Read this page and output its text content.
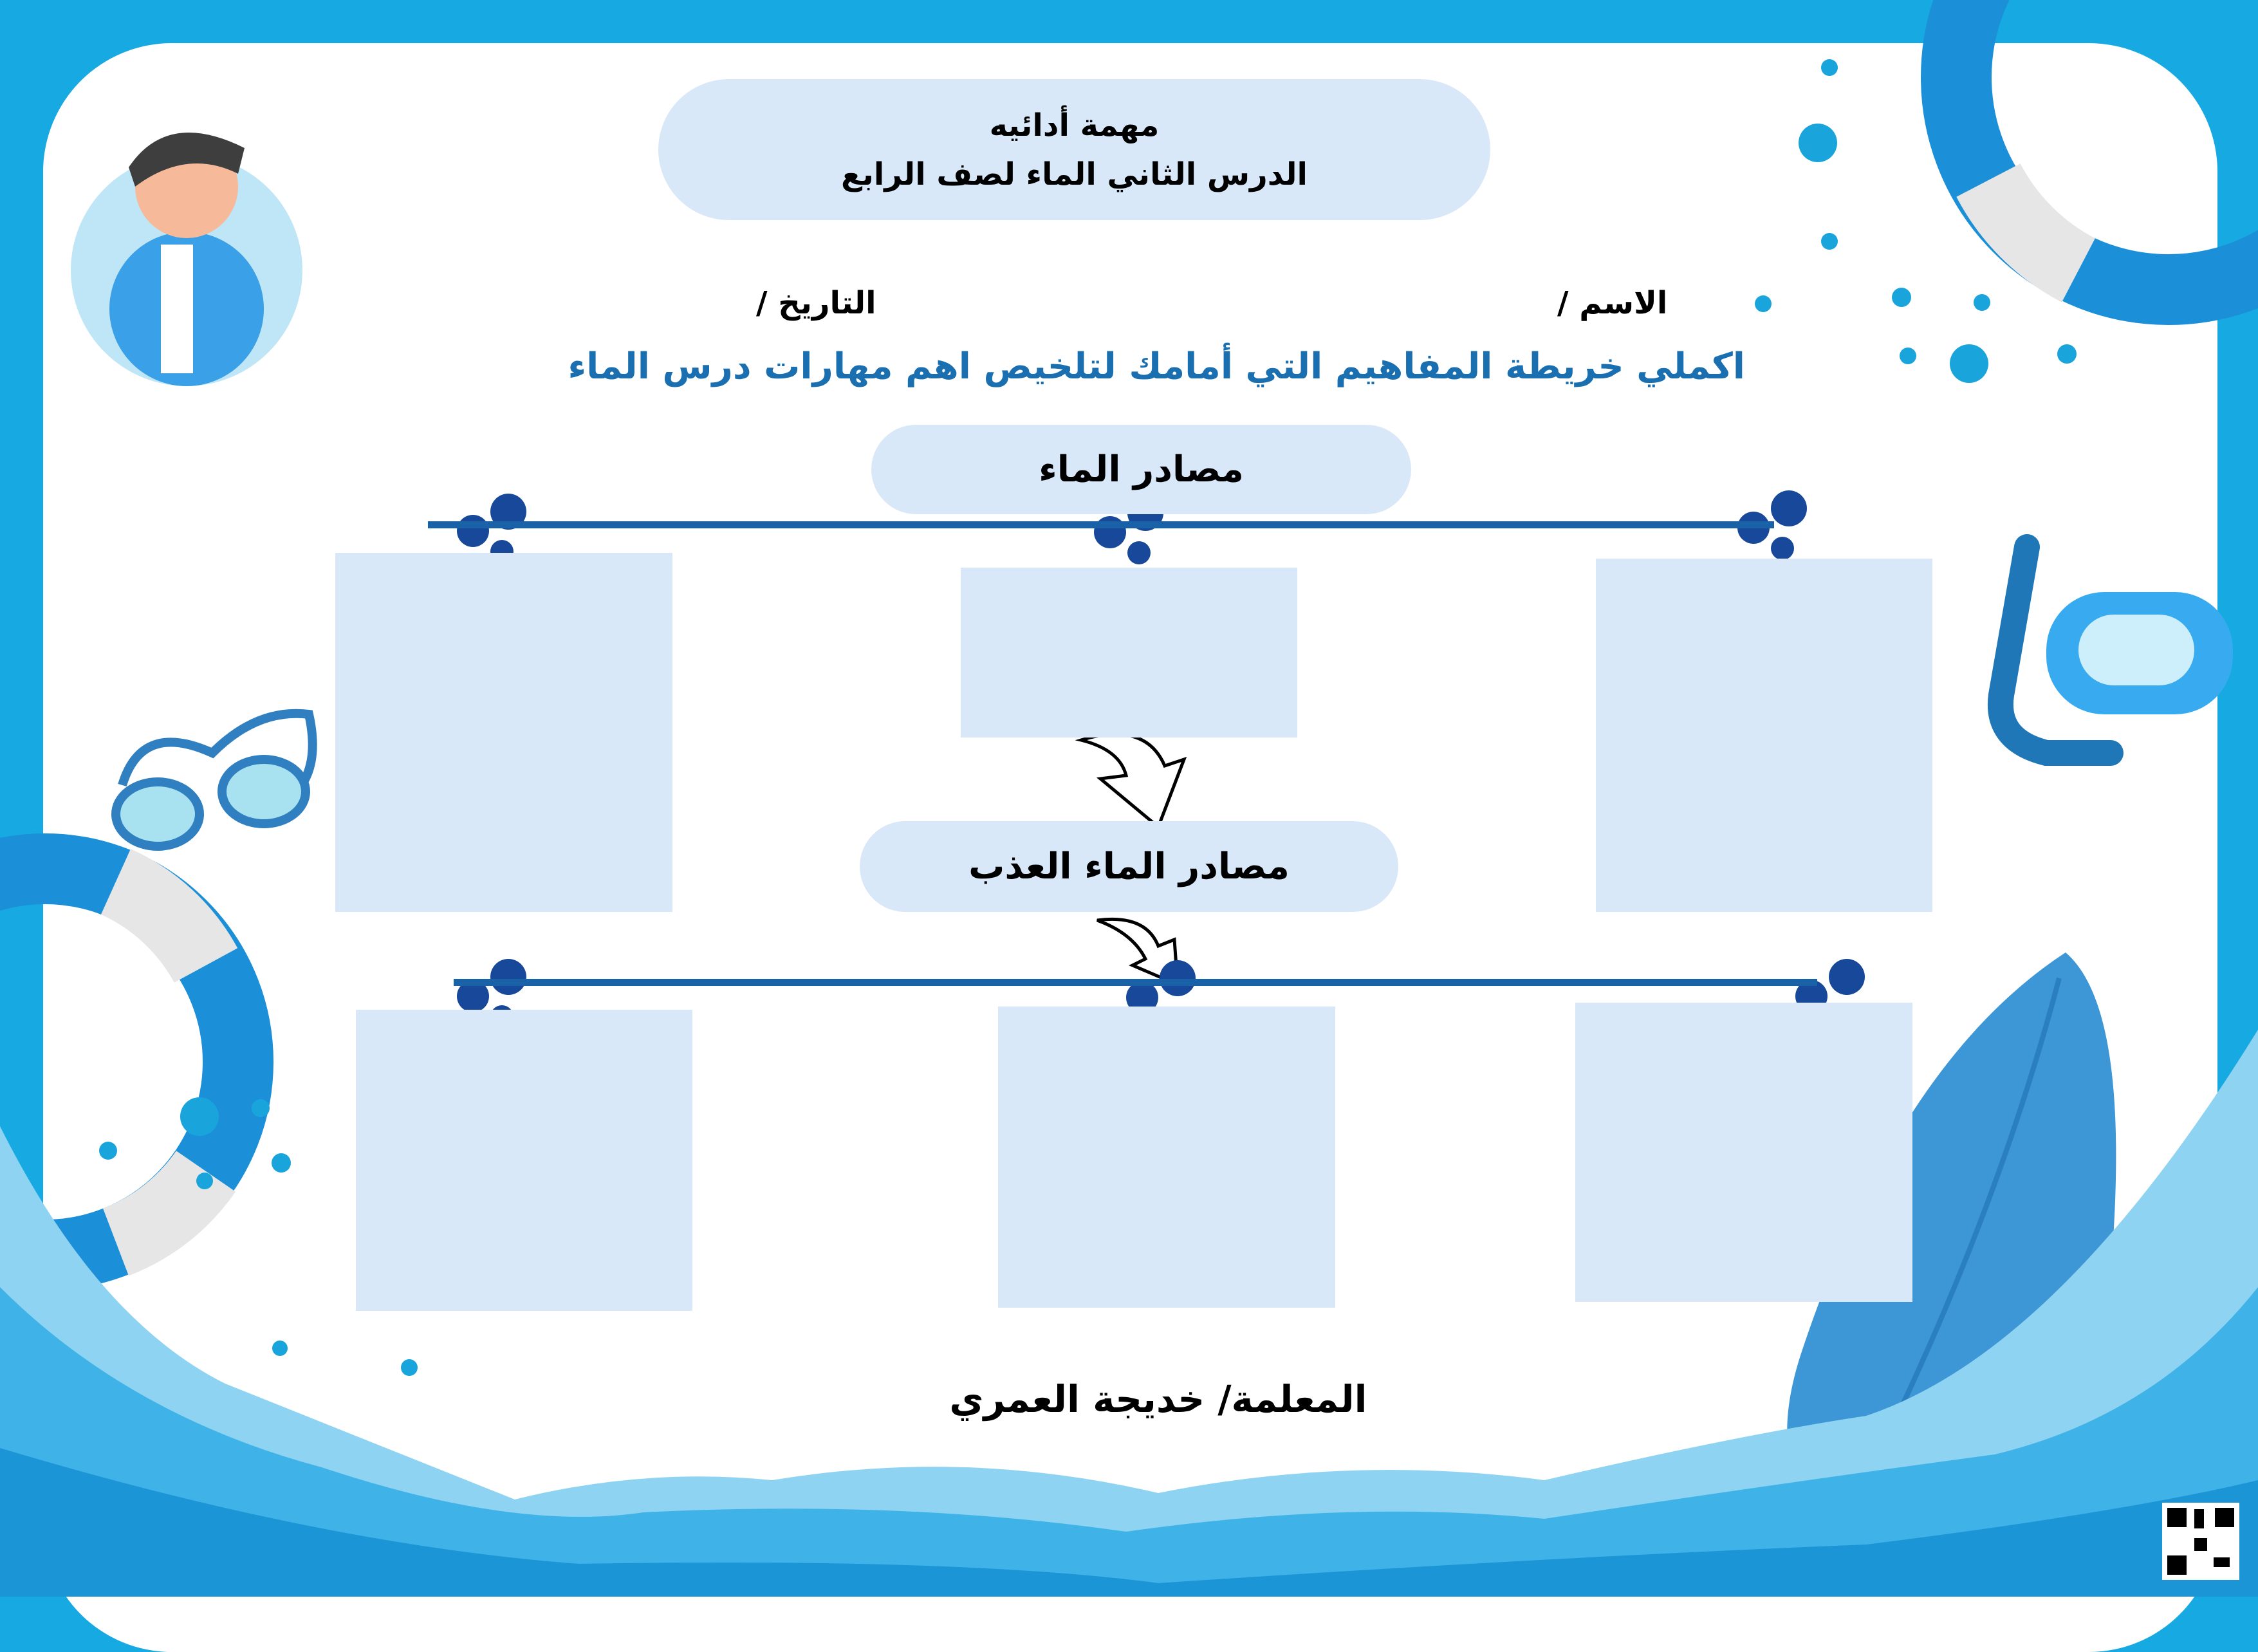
مهمة أدائيه
الدرس الثاني الماء لصف الرابع
الاسم /
التاريخ /
اكملي خريطة المفاهيم التي أمامك لتلخيص اهم مهارات درس الماء
مصادر الماء
مصادر الماء العذب
المعلمة/ خديجة العمري
